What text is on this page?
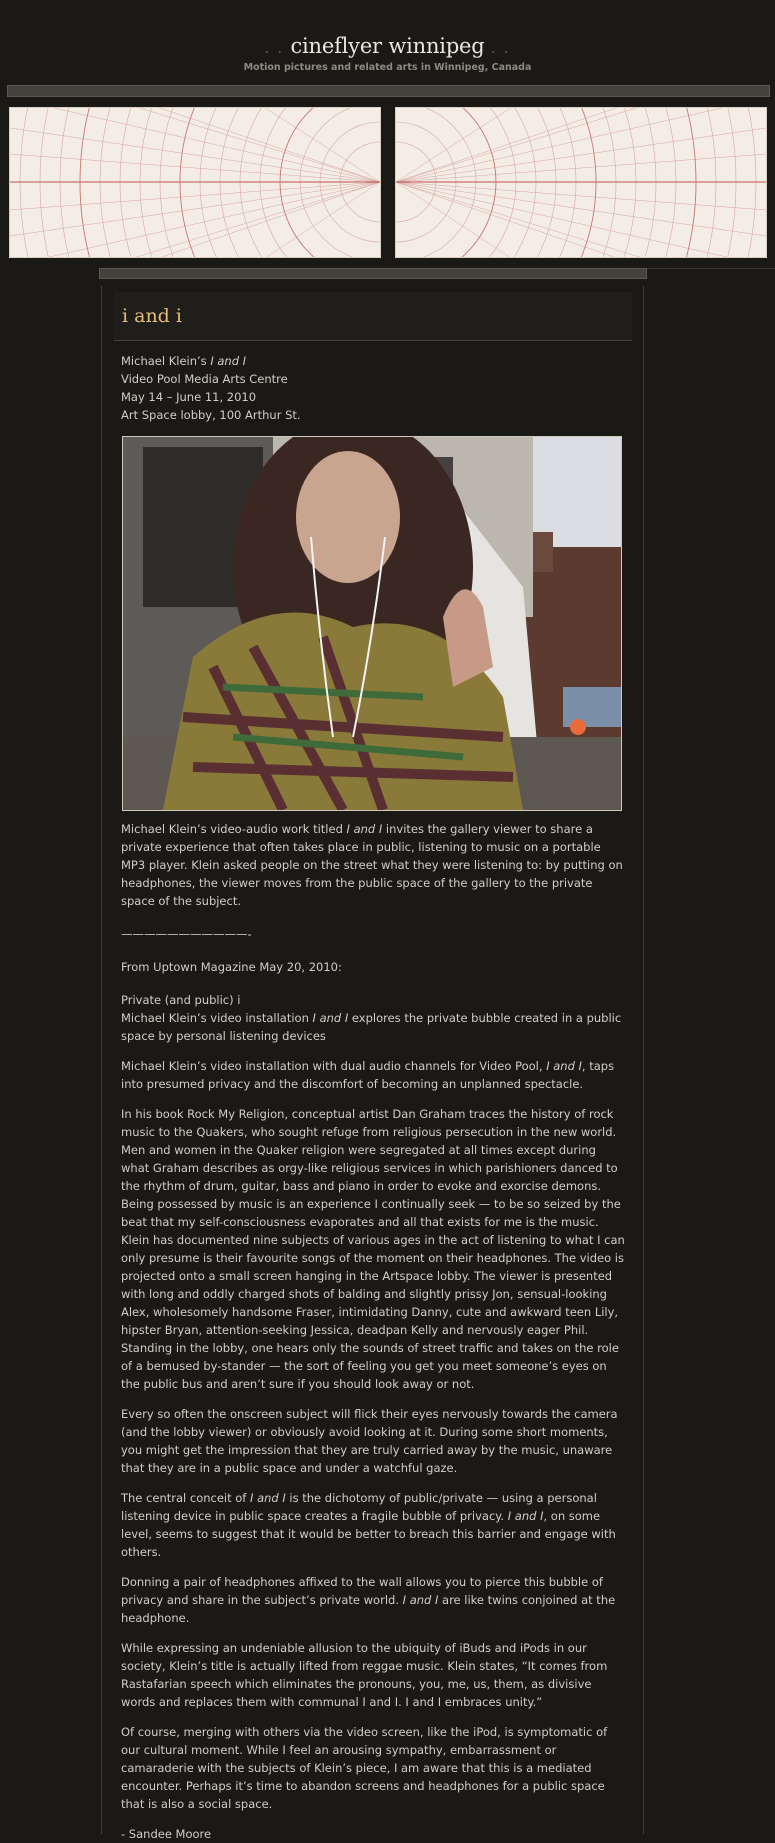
. . cineflyer winnipeg . .
Motion pictures and related arts in Winnipeg, Canada
i and i
Michael Klein’s I and I
Video Pool Media Arts Centre
May 14 – June 11, 2010
Art Space lobby, 100 Arthur St.

Michael Klein’s video-audio work titled I and I invites the gallery viewer to share a private experience that often takes place in public, listening to music on a portable MP3 player. Klein asked people on the street what they were listening to: by putting on headphones, the viewer moves from the public space of the gallery to the private space of the subject.

———————————-

From Uptown Magazine May 20, 2010:

Private (and public) i

Michael Klein’s video installation I and I explores the private bubble created in a public space by personal listening devices

Michael Klein’s video installation with dual audio channels for Video Pool, I and I, taps into presumed privacy and the discomfort of becoming an unplanned spectacle.

In his book Rock My Religion, conceptual artist Dan Graham traces the history of rock music to the Quakers, who sought refuge from religious persecution in the new world. Men and women in the Quaker religion were segregated at all times except during what Graham describes as orgy-like religious services in which parishioners danced to the rhythm of drum, guitar, bass and piano in order to evoke and exorcise demons. Being possessed by music is an experience I continually seek — to be so seized by the beat that my self-consciousness evaporates and all that exists for me is the music.

Klein has documented nine subjects of various ages in the act of listening to what I can only presume is their favourite songs of the moment on their headphones. The video is projected onto a small screen hanging in the Artspace lobby. The viewer is presented with long and oddly charged shots of balding and slightly prissy Jon, sensual-looking Alex, wholesomely handsome Fraser, intimidating Danny, cute and awkward teen Lily, hipster Bryan, attention-seeking Jessica, deadpan Kelly and nervously eager Phil. Standing in the lobby, one hears only the sounds of street traffic and takes on the role of a bemused by-stander — the sort of feeling you get you meet someone’s eyes on the public bus and aren’t sure if you should look away or not.

Every so often the onscreen subject will flick their eyes nervously towards the camera (and the lobby viewer) or obviously avoid looking at it. During some short moments, you might get the impression that they are truly carried away by the music, unaware that they are in a public space and under a watchful gaze.

The central conceit of I and I is the dichotomy of public/private — using a personal listening device in public space creates a fragile bubble of privacy. I and I, on some level, seems to suggest that it would be better to breach this barrier and engage with others.

Donning a pair of headphones affixed to the wall allows you to pierce this bubble of privacy and share in the subject’s private world. I and I are like twins conjoined at the headphone.

While expressing an undeniable allusion to the ubiquity of iBuds and iPods in our society, Klein’s title is actually lifted from reggae music. Klein states, “It comes from Rastafarian speech which eliminates the pronouns, you, me, us, them, as divisive words and replaces them with communal I and I. I and I embraces unity.”

Of course, merging with others via the video screen, like the iPod, is symptomatic of our cultural moment. While I feel an arousing sympathy, embarrassment or camaraderie with the subjects of Klein’s piece, I am aware that this is a mediated encounter. Perhaps it’s time to abandon screens and headphones for a public space that is also a social space.

- Sandee Moore
